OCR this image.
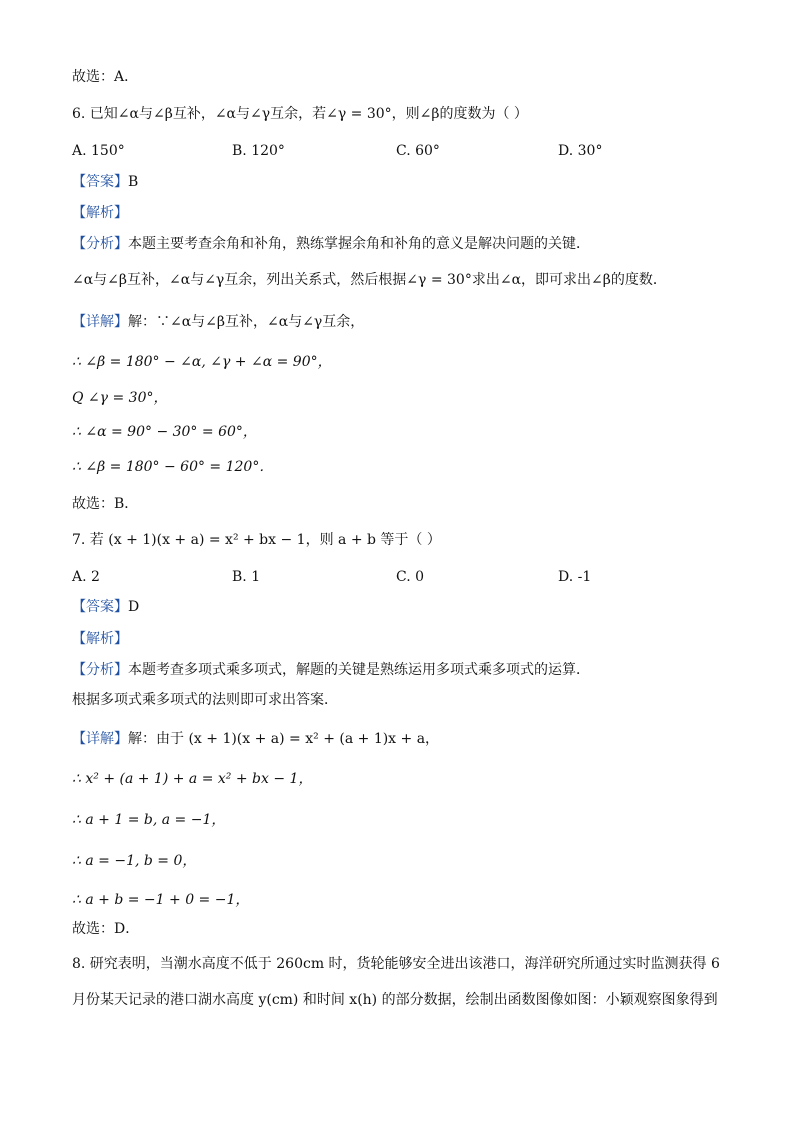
故选：A．
6. 已知∠α与∠β互补，∠α与∠γ互余，若∠γ = 30°，则∠β的度数为（ ）
A. 150°	B. 120°	C. 60°	D. 30°
【答案】B
【解析】
【分析】本题主要考查余角和补角，熟练掌握余角和补角的意义是解决问题的关键．
∠α与∠β互补，∠α与∠γ互余，列出关系式，然后根据∠γ = 30°求出∠α，即可求出∠β的度数．
【详解】解：∵∠α与∠β互补，∠α与∠γ互余，
∴ ∠β = 180° − ∠α, ∠γ + ∠α = 90°，
Q ∠γ = 30°，
∴ ∠α = 90° − 30° = 60°，
∴ ∠β = 180° − 60° = 120°．
故选：B．
7. 若 (x + 1)(x + a) = x² + bx − 1，则 a + b 等于（ ）
A. 2	B. 1	C. 0	D. -1
【答案】D
【解析】
【分析】本题考查多项式乘多项式，解题的关键是熟练运用多项式乘多项式的运算．
根据多项式乘多项式的法则即可求出答案．
【详解】解：由于 (x + 1)(x + a) = x² + (a + 1)x + a，
∴ x² + (a + 1) + a = x² + bx − 1，
∴ a + 1 = b, a = −1，
∴ a = −1, b = 0，
∴ a + b = −1 + 0 = −1，
故选：D．
8. 研究表明，当潮水高度不低于 260cm 时，货轮能够安全进出该港口，海洋研究所通过实时监测获得 6
月份某天记录的港口湖水高度 y(cm) 和时间 x(h) 的部分数据，绘制出函数图像如图：小颖观察图象得到
